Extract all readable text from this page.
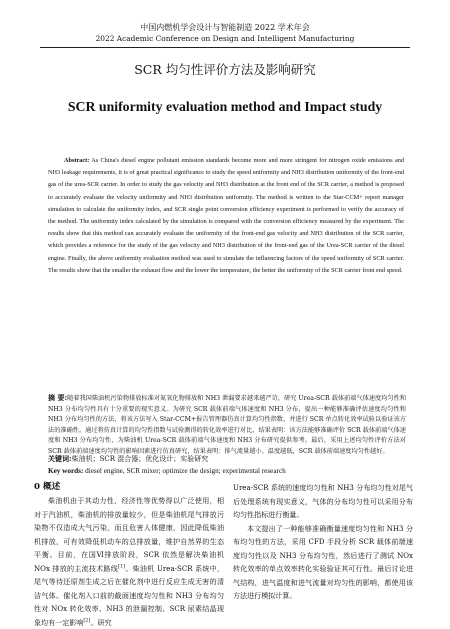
中国内燃机学会设计与智能制造 2022 学术年会
2022 Academic Conference on Design and Intelligent Manufacturing
SCR 均匀性评价方法及影响研究
SCR uniformity evaluation method and Impact study
Abstract: As China's diesel engine pollutant emission standards become more and more stringent for nitrogen oxide emissions and NH3 leakage requirements, it is of great practical significance to study the speed uniformity and NH3 distribution uniformity of the front-end gas of the urea-SCR carrier. In order to study the gas velocity and NH3 distribution at the front end of the SCR carrier, a method is proposed to accurately evaluate the velocity uniformity and NH3 distribution uniformity. The method is written to the Star-CCM+ report manager simulation to calculate the uniformity index, and SCR single point conversion efficiency experiment is performed to verify the accuracy of the method. The uniformity index calculated by the simulation is compared with the conversion efficiency measured by the experiment. The results show that this method can accurately evaluate the uniformity of the front-end gas velocity and NH3 distribution of the SCR carrier, which provides a reference for the study of the gas velocity and NH3 distribution of the front-end gas of the Urea-SCR carrier of the diesel engine. Finally, the above uniformity evaluation method was used to simulate the influencing factors of the speed uniformity of SCR carrier. The results show that the smaller the exhaust flow and the lower the temperature, the better the uniformity of the SCR carrier front end speed.
摘 要:随着我国柴油机污染物排放标准对氮氧化物排放和 NH3 泄漏要求越来越严苛，研究 Urea-SCR 载体前端气体速度均匀性和 NH3 分布均匀性具有十分重要的现实意义。为研究 SCR 载体前端气体速度和 NH3 分布，提出一种能够准确评估速度均匀性和 NH3 分布均匀性的方法，将该方法写入 Star-CCM+报告管理器仿真计算均匀性指数，并进行 SCR 单点转化效率试验以验证该方法的准确性。通过将仿真计算的均匀性指数与试验测得的转化效率进行对比，结果表明：该方法能够准确评价 SCR 载体前端气体速度和 NH3 分布均匀性，为柴油机 Urea-SCR 载体前端气体速度和 NH3 分布研究提供参考。最后，采用上述均匀性评价方法对 SCR 载体前端速度均匀性的影响因素进行仿真研究，结果表明：排气流量越小、温度越低，SCR 载体前端速度均匀性越好。
关键词:柴油机；SCR 混合器；优化设计；实验研究
Key words: diesel engine, SCR mixer; optimize the design; experimental research
0 概述

柴油机由于其动力性、经济性等优势得以广泛使用，相对于汽油机，柴油机的排放量较少，但是柴油机尾气排放污染物不仅造成大气污染，而且危害人体健康，因此降低柴油机排放，可有效降低机动车的总排放量，维护自然界的生态平衡。目前，在国Ⅵ排放阶段，SCR 依然是解决柴油机 NOx 排放的主流技术路线[1]。柴油机 Urea-SCR 系统中，尾气等待还原剂生成之后在催化剂中进行反应生成无害的清洁气体。催化剂入口前的截面速度均匀性和 NH3 分布均匀性对 NOx 转化效率、NH3 的泄漏控制、SCR 尿素结晶现象均有一定影响[2]。研究

Urea-SCR 系统的速度均匀性和 NH3 分布均匀性对尾气后处理系统有现实意义，气体的分布均匀性可以采用分布均匀性指标进行衡量。

本文提出了一种能够准确衡量速度均匀性和 NH3 分布均匀性的方法，采用 CFD 手段分析 SCR 载体前端速度均匀性以及 NH3 分布均匀性，然后进行了测试 NOx 转化效率的单点效率转化实验验证其可行性。最后讨论进气结构，进气温度和进气流量对均匀性的影响，都使用该方法进行模拟计算。
